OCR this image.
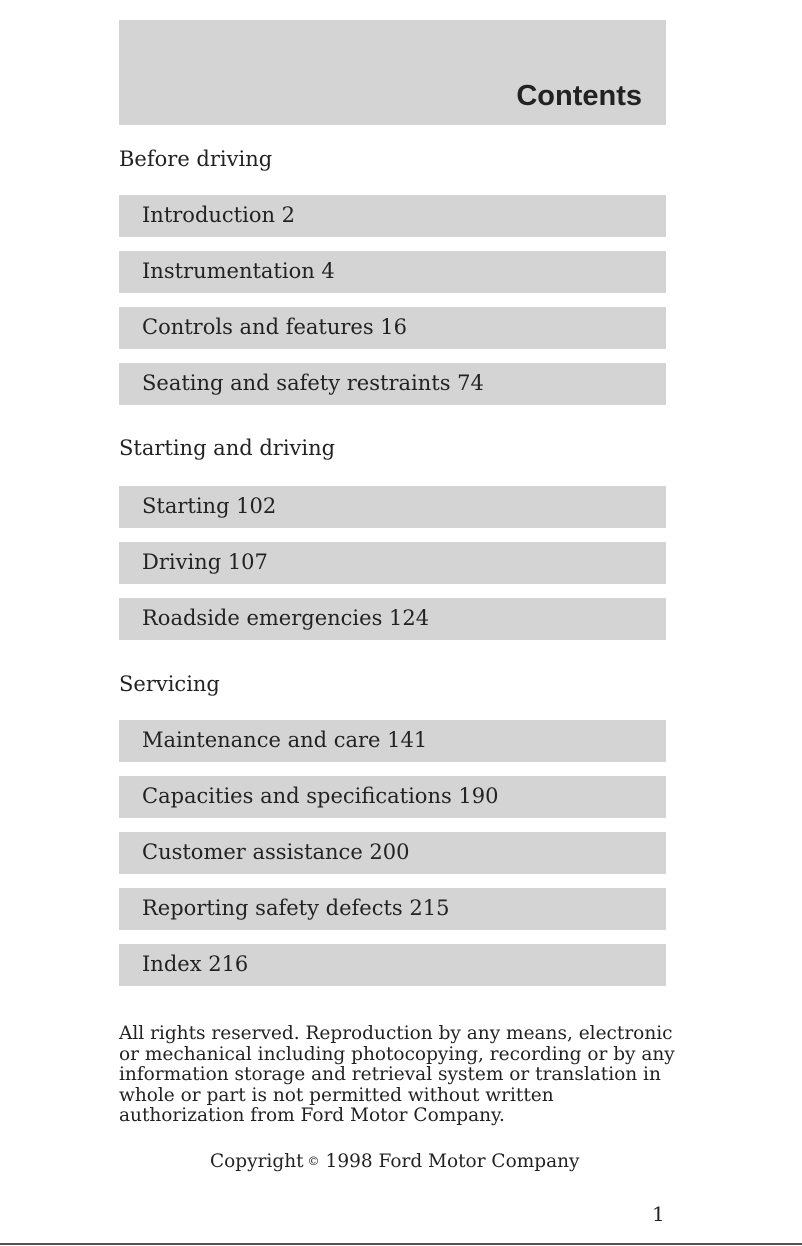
Contents
Before driving
Introduction 2
Instrumentation 4
Controls and features 16
Seating and safety restraints 74
Starting and driving
Starting 102
Driving 107
Roadside emergencies 124
Servicing
Maintenance and care 141
Capacities and specifications 190
Customer assistance 200
Reporting safety defects 215
Index 216
All rights reserved. Reproduction by any means, electronic
or mechanical including photocopying, recording or by any
information storage and retrieval system or translation in
whole or part is not permitted without written
authorization from Ford Motor Company.
Copyright © 1998 Ford Motor Company
1
